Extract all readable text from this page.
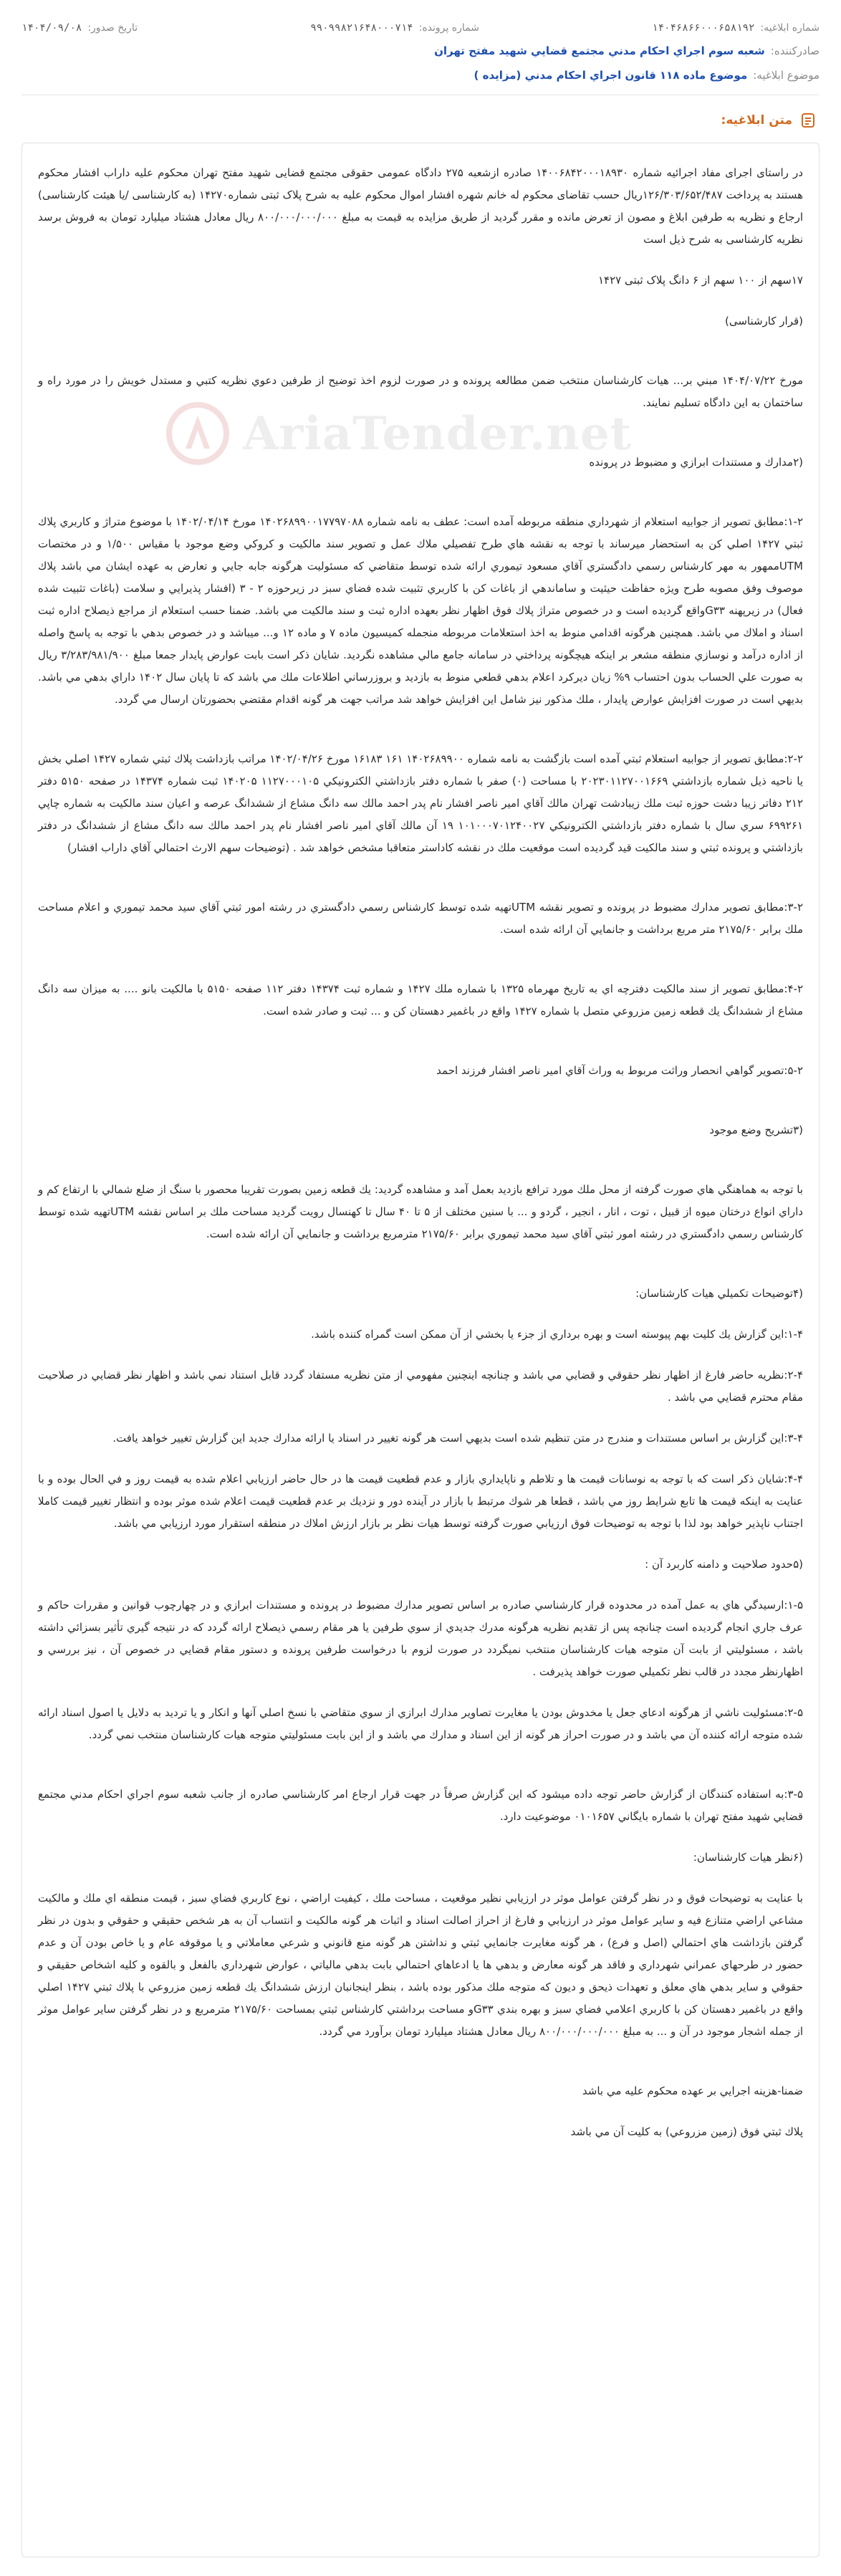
شماره ابلاغیه:
۱۴۰۴۶۸۶۶۰۰۰۶۵۸۱۹۲
شماره پرونده:
۹۹۰۹۹۸۲۱۶۴۸۰۰۰۷۱۴
تاریخ صدور:
۱۴۰۴/۰۹/۰۸
صادرکننده:
شعبه سوم اجراي احکام مدني مجتمع قضايي شهيد مفتح تهران
موضوع ابلاغیه:
موضوع ماده ۱۱۸ قانون اجراي احکام مدني (مزايده )
متن ابلاغیه:
AriaTender.net

در راستای اجرای مفاد اجرائیه شماره ۱۴۰۰۶۸۴۲۰۰۰۱۸۹۳۰ صادره ازشعبه ۲۷۵ دادگاه عمومی حقوقی مجتمع قضایی شهید مفتح تهران محکوم علیه داراب افشار محکوم هستند به پرداخت ۱۲۶/۳۰۳/۶۵۲/۴۸۷ریال حسب تقاضای محکوم له خانم شهره افشار اموال محکوم علیه به شرح پلاک ثبتی شماره۱۴۲۷۰ (به کارشناسی /یا هیئت کارشناسی) ارجاع و نظریه به طرفین ابلاغ و مصون از تعرض مانده و مقرر گردید از طریق مزایده به قیمت به مبلغ ۸۰۰/۰۰۰/۰۰۰/۰۰۰ ریال معادل هشتاد میلیارد تومان به فروش برسد نظریه کارشناسی به شرح ذیل است

۱۷سهم از ۱۰۰ سهم از ۶ دانگ پلاک ثبتی ۱۴۲۷

(قرار کارشناسی)

مورخ ۱۴۰۴/۰۷/۲۲ مبني بر... هيات كارشناسان منتخب ضمن مطالعه پرونده و در صورت لزوم اخذ توضيح از طرفين دعوي نظريه كتبي و مستدل خويش را در مورد راه و ساختمان به اين دادگاه تسليم نمايند.

(۲مدارك و مستندات ابرازي و مضبوط در پرونده

۱-۲:مطابق تصوير از جوابيه استعلام از شهرداري منطقه مربوطه آمده است: عطف به نامه شماره ۱۴۰۲۶۸۹۹۰۰۱۷۷۹۷۰۸۸ مورخ ۱۴۰۲/۰۴/۱۴ با موضوع متراژ و كاربري پلاك ثبتي ۱۴۲۷ اصلي كن به استحضار ميرساند با توجه به نقشه هاي طرح تفصيلي ملاك عمل و تصوير سند مالكيت و كروكي وضع موجود با مقياس ۱/۵۰۰ و در مختصات UTMممهور به مهر كارشناس رسمي دادگستري آقاي مسعود تيموري ارائه شده توسط متقاضي كه مسئوليت هرگونه جابه جايي و تعارض به عهده ايشان مي باشد پلاك موصوف وفق مصوبه طرح ويژه حفاظت حيثيت و ساماندهي از باغات كن با كاربري تثبيت شده فضاي سبز در زيرحوزه ۲ - ۳ (افشار پذيرايي و سلامت (باغات تثبيت شده فعال) در زيرپهنه G۳۳واقع گرديده است و در خصوص متراژ پلاك فوق اظهار نظر بعهده اداره ثبت و سند مالكيت مي باشد. ضمنا حسب استعلام از مراجع ذيصلاح اداره ثبت اسناد و املاك مي باشد. همچنين هرگونه اقدامي منوط به اخذ استعلامات مربوطه منجمله كميسيون ماده ۷ و ماده ۱۲ و... ميباشد و در خصوص بدهي با توجه به پاسخ واصله از اداره درآمد و نوسازي منطقه مشعر بر اينكه هيچگونه پرداختي در سامانه جامع مالي مشاهده نگرديد. شايان ذكر است بابت عوارض پايدار جمعا مبلغ ۳/۲۸۳/۹۸۱/۹۰۰ ريال به صورت علي الحساب بدون احتساب ۹% زيان ديركرد اعلام بدهي قطعي منوط به بازديد و بروزرساني اطلاعات ملك مي باشد كه تا پايان سال ۱۴۰۲ داراي بدهي مي باشد. بديهي است در صورت افزايش عوارض پايدار ، ملك مذكور نيز شامل اين افزايش خواهد شد مراتب جهت هر گونه اقدام مقتضي بحضورتان ارسال مي گردد.

۲-۲:مطابق تصوير از جوابيه استعلام ثبتي آمده است بازگشت به نامه شماره ۱۴۰۲۶۸۹۹۰۰ ۱۶۱ ۱۶۱۸۳ مورخ ۱۴۰۲/۰۴/۲۶ مراتب بازداشت پلاك ثبتي شماره ۱۴۲۷ اصلي بخش يا ناحيه ذيل شماره بازداشتي ۲۰۲۳۰۱۱۲۷۰۰۱۶۶۹ با مساحت (۰) صفر با شماره دفتر بازداشتي الكترونيكي ۱۱۲۷۰۰۰۱۰۵ ۱۴۰۲۰۵ ثبت شماره ۱۴۳۷۴ در صفحه ۵۱۵۰ دفتر ۲۱۲ دفاتر زيبا دشت حوزه ثبت ملك زيبادشت تهران مالك آقاي امير ناصر افشار نام پدر احمد مالك سه دانگ مشاع از ششدانگ عرصه و اعيان سند مالكيت به شماره چاپي ۶۹۹۲۶۱ سري سال با شماره دفتر بازداشتي الكترونيكي ۱۰۱۰۰۰۷۰۱۲۴۰۰۲۷ ۱۹ آن مالك آقاي امير ناصر افشار نام پدر احمد مالك سه دانگ مشاع از ششدانگ در دفتر بازداشتي و پرونده ثبتي و سند مالكيت قيد گرديده است موقعيت ملك در نقشه كاداستر متعاقبا مشخص خواهد شد . (توضيحات سهم الارث احتمالي آقاي داراب افشار)

۳-۲:مطابق تصوير مدارك مضبوط در پرونده و تصوير نقشه UTMتهيه شده توسط كارشناس رسمي دادگستري در رشته امور ثبتي آقاي سيد محمد تيموري و اعلام مساحت ملك برابر ۲۱۷۵/۶۰ متر مربع برداشت و جانمايي آن ارائه شده است.

۴-۲:مطابق تصوير از سند مالكيت دفترچه اي به تاريخ مهرماه ۱۳۲۵ با شماره ملك ۱۴۲۷ و شماره ثبت ۱۴۳۷۴ دفتر ۱۱۲ صفحه ۵۱۵۰ با مالكيت بانو .... به ميزان سه دانگ مشاع از ششدانگ يك قطعه زمين مزروعي متصل با شماره ۱۴۲۷ واقع در باغمير دهستان كن و ... ثبت و صادر شده است.

۵-۲:تصوير گواهي انحصار وراثت مربوط به وراث آقاي امير ناصر افشار فرزند احمد

(۳تشريح وضع موجود

با توجه به هماهنگي هاي صورت گرفته از محل ملك مورد ترافع بازديد بعمل آمد و مشاهده گرديد: يك قطعه زمين بصورت تقريبا محصور با سنگ از ضلع شمالي با ارتفاع كم و داراي انواع درختان ميوه از قبيل ، توت ، انار ، انجير ، گردو و ... با سنين مختلف از ۵ تا ۴۰ سال تا كهنسال رويت گرديد مساحت ملك بر اساس نقشه UTMتهيه شده توسط كارشناس رسمي دادگستري در رشته امور ثبتي آقاي سيد محمد تيموري برابر ۲۱۷۵/۶۰ مترمربع برداشت و جانمايي آن ارائه شده است.

(۴توضيحات تكميلي هيات كارشناسان:

۱-۴:اين گزارش يك كليت بهم پيوسته است و بهره برداري از جزء يا بخشي از آن ممكن است گمراه كننده باشد.

۲-۴:نظريه حاضر فارغ از اظهار نظر حقوقي و قضايي مي باشد و چنانچه اينچنين مفهومي از متن نظريه مستفاد گردد قابل استناد نمي باشد و اظهار نظر قضايي در صلاحيت مقام محترم قضايي مي باشد .

۳-۴:اين گزارش بر اساس مستندات و مندرج در متن تنظيم شده است بديهي است هر گونه تغيير در اسناد يا ارائه مدارك جديد اين گزارش تغيير خواهد يافت.

۴-۴:شايان ذكر است كه با توجه به نوسانات قيمت ها و تلاطم و ناپايداري بازار و عدم قطعيت قيمت ها در حال حاضر ارزيابي اعلام شده به قيمت روز و في الحال بوده و با عنايت به اينكه قيمت ها تابع شرايط روز مي باشد ، قطعا هر شوك مرتبط با بازار در آينده دور و نزديك بر عدم قطعيت قيمت اعلام شده موثر بوده و انتظار تغيير قيمت كاملا اجتناب ناپذير خواهد بود لذا با توجه به توضيحات فوق ارزيابي صورت گرفته توسط هيات نظر بر بازار ارزش املاك در منطقه استقرار مورد ارزيابي مي باشد.

(۵حدود صلاحيت و دامنه كاربرد آن :

۱-۵:ارسيدگي هاي به عمل آمده در محدوده قرار كارشناسي صادره بر اساس تصوير مدارك مضبوط در پرونده و مستندات ابرازي و در چهارچوب قوانين و مقررات حاكم و عرف جاري انجام گرديده است چنانچه پس از تقديم نظريه هرگونه مدرك جديدي از سوي طرفين يا هر مقام رسمي ذيصلاح ارائه گردد كه در نتيجه گيري تأثير بسزائي داشته باشد ، مسئوليتي از بابت آن متوجه هيات كارشناسان منتخب نميگردد در صورت لزوم با درخواست طرفين پرونده و دستور مقام قضايي در خصوص آن ، نيز بررسي و اظهارنظر مجدد در قالب نظر تكميلي صورت خواهد پذيرفت .

۲-۵:مسئوليت ناشي از هرگونه ادعاي جعل يا مخدوش بودن يا مغايرت تصاوير مدارك ابرازي از سوي متقاضي با نسخ اصلي آنها و انكار و يا ترديد به دلايل يا اصول اسناد ارائه شده متوجه ارائه كننده آن مي باشد و در صورت احراز هر گونه از اين اسناد و مدارك مي باشد و از اين بابت مسئوليتي متوجه هيات كارشناسان منتخب نمي گردد.

۳-۵:به استفاده كنندگان از گزارش حاضر توجه داده ميشود كه اين گزارش صرفاً در جهت قرار ارجاع امر كارشناسي صادره از جانب شعبه سوم اجراي احكام مدني مجتمع قضايي شهيد مفتح تهران با شماره بايگاني ۰۱۰۱۶۵۷ موضوعيت دارد.

(۶نظر هيات كارشناسان:

با عنايت به توضيحات فوق و در نظر گرفتن عوامل موثر در ارزيابي نظير موقعيت ، مساحت ملك ، كيفيت اراضي ، نوع كاربري فضاي سبز ، قيمت منطقه اي ملك و مالكيت مشاعي اراضي متنازع فيه و ساير عوامل موثر در ارزيابي و فارغ از احراز اصالت اسناد و اثبات هر گونه مالكيت و انتساب آن به هر شخص حقيقي و حقوقي و بدون در نظر گرفتن بازداشت هاي احتمالي (اصل و فرع) ، هر گونه مغايرت جانمايي ثبتي و نداشتن هر گونه منع قانوني و شرعي معاملاتي و يا موقوفه عام و يا خاص بودن آن و عدم حضور در طرحهاي عمراني شهرداري و فاقد هر گونه معارض و بدهي ها يا ادعاهاي احتمالي بابت بدهي مالياتي ، عوارض شهرداري بالفعل و بالقوه و كليه اشخاص حقيقي و حقوقي و ساير بدهي هاي معلق و تعهدات ذيحق و ديون كه متوجه ملك مذكور بوده باشد ، بنظر اينجانبان ارزش ششدانگ يك قطعه زمين مزروعي با پلاك ثبتي ۱۴۲۷ اصلي واقع در باغمير دهستان كن با كاربري اعلامي فضاي سبز و بهره بندي G۳۳و مساحت برداشتي كارشناس ثبتي بمساحت ۲۱۷۵/۶۰ مترمربع و در نظر گرفتن ساير عوامل موثر از جمله اشجار موجود در آن و ... به مبلغ ۸۰۰/۰۰۰/۰۰۰/۰۰۰ ريال معادل هشتاد ميليارد تومان برآورد مي گردد.

ضمنا-هزينه اجرايي بر عهده محكوم عليه مي باشد

پلاك ثبتي فوق (زمين مزروعي) به كليت آن مي باشد
